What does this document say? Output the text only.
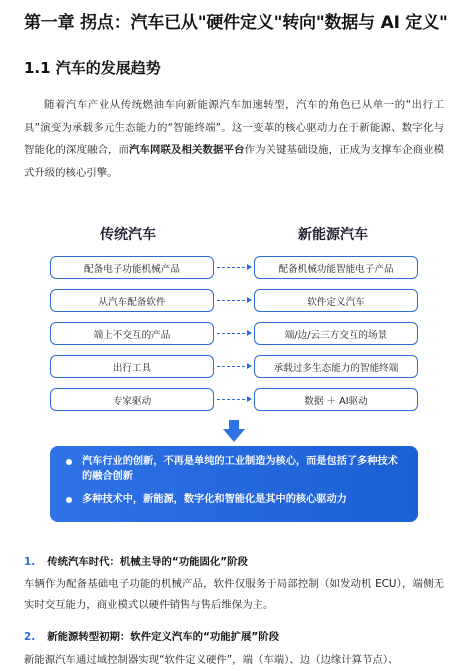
第一章 拐点：汽车已从"硬件定义"转向"数据与 AI 定义"
1.1 汽车的发展趋势

随着汽车产业从传统燃油车向新能源汽车加速转型，汽车的角色已从单一的“出行工具”演变为承载多元生态能力的“智能终端”。这一变革的核心驱动力在于新能源、数字化与智能化的深度融合，而汽车网联及相关数据平台作为关键基础设施，正成为支撑车企商业模式升级的核心引擎。

传统汽车	新能源汽车
配备电子功能机械产品	配备机械功能智能电子产品
从汽车配备软件	软件定义汽车
端上不交互的产品	端/边/云三方交互的场景
出行工具	承载过多生态能力的智能终端
专家驱动	数据 ＋ AI驱动
汽车行业的创新，不再是单纯的工业制造为核心，而是包括了多种技术的融合创新
多种技术中，新能源，数字化和智能化是其中的核心驱动力
1. 传统汽车时代：机械主导的“功能固化”阶段

车辆作为配备基础电子功能的机械产品，软件仅服务于局部控制（如发动机 ECU），端侧无实时交互能力，商业模式以硬件销售与售后维保为主。

2. 新能源转型初期：软件定义汽车的“功能扩展”阶段

新能源汽车通过域控制器实现“软件定义硬件”，端（车端）、边（边缘计算节点）、
